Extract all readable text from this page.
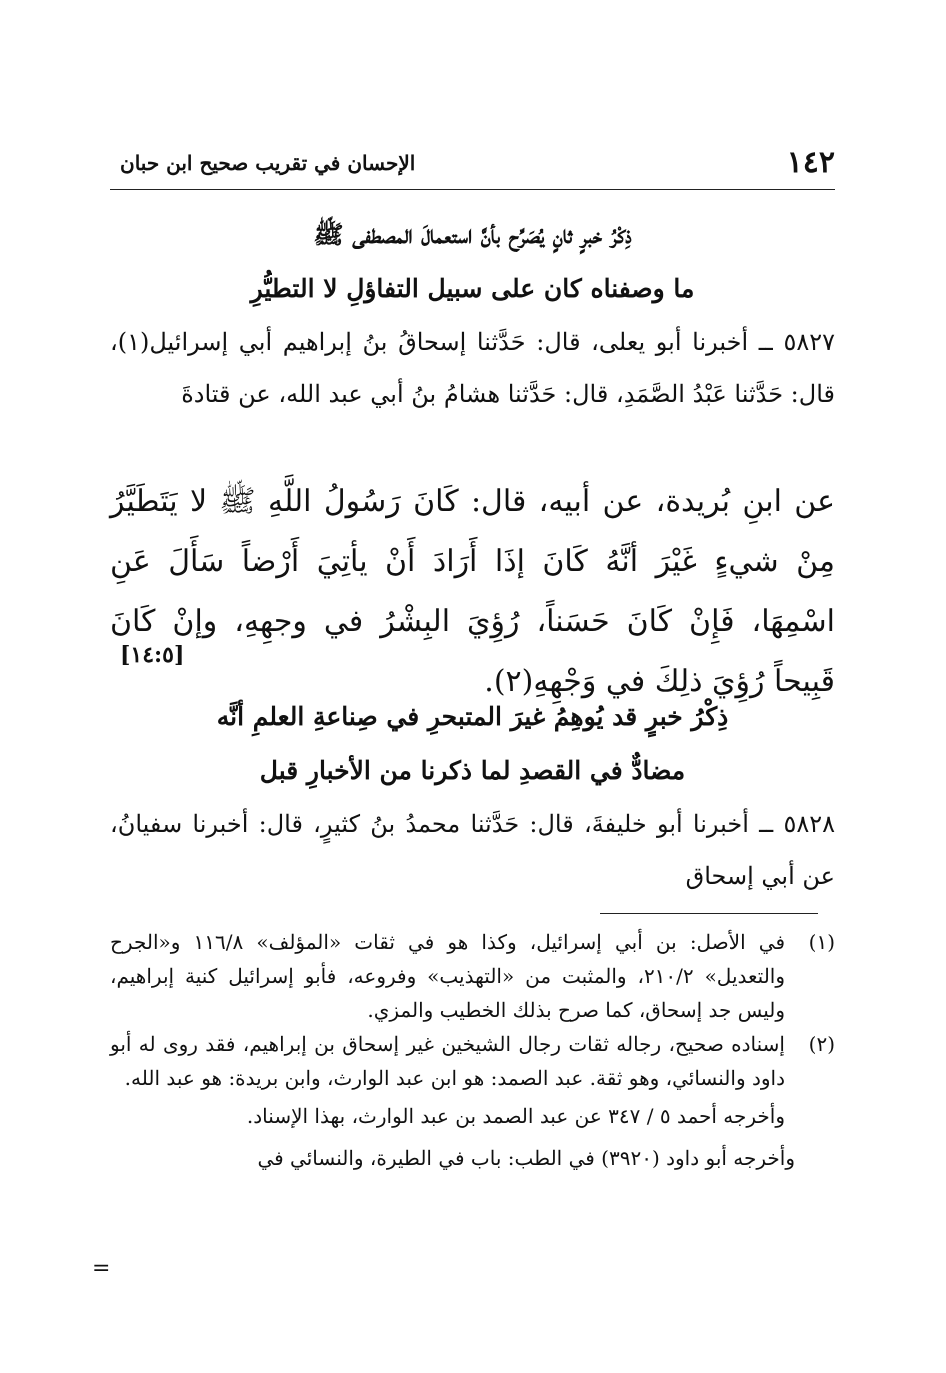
١٤٢
الإحسان في تقريب صحيح ابن حبان
ذِكْرُ خبرٍ ثانٍ يُصَرِّح بأنَّ استعمالَ المصطفى ﷺ
ما وصفناه كان على سبيل التفاؤلِ لا التطيُّرِ
٥٨٢٧ ــ أخبرنا أبو يعلى، قال: حَدَّثنا إسحاقُ بنُ إبراهيم أبي إسرائيل(١)، قال: حَدَّثنا عَبْدُ الصَّمَدِ، قال: حَدَّثنا هشامُ بنُ أبي عبد الله، عن قتادةَ
عن ابنِ بُريدة، عن أبيه، قال: كَانَ رَسُولُ اللَّهِ ﷺ لا يَتَطَيَّرُ مِنْ شيءٍ غَيْرَ أنَّهُ كَانَ إذَا أَرَادَ أَنْ يأتِيَ أَرْضاً سَأَلَ عَنِ اسْمِهَا، فَإِنْ كَانَ حَسَناً، رُؤِيَ البِشْرُ في وجهِهِ، وإنْ كَانَ قَبِيحاً رُؤِيَ ذلِكَ في وَجْهِهِ(٢).
[١٤:٥]
ذِكْرُ خبرٍ قد يُوهِمُ غيرَ المتبحرِ في صِناعةِ العلمِ أنَّه
مضادٌّ في القصدِ لما ذكرنا من الأخبارِ قبل
٥٨٢٨ ــ أخبرنا أبو خليفةَ، قال: حَدَّثنا محمدُ بنُ كثيرٍ، قال: أخبرنا سفيانُ، عن أبي إسحاق
(١)
في الأصل: بن أبي إسرائيل، وكذا هو في ثقات «المؤلف» ١١٦/٨ و«الجرح والتعديل» ٢١٠/٢، والمثبت من «التهذيب» وفروعه، فأبو إسرائيل كنية إبراهيم، وليس جد إسحاق، كما صرح بذلك الخطيب والمزي.
(٢)
إسناده صحيح، رجاله ثقات رجال الشيخين غير إسحاق بن إبراهيم، فقد روى له أبو داود والنسائي، وهو ثقة. عبد الصمد: هو ابن عبد الوارث، وابن بريدة: هو عبد الله.
وأخرجه أحمد ٥ / ٣٤٧ عن عبد الصمد بن عبد الوارث، بهذا الإسناد.
وأخرجه أبو داود (٣٩٢٠) في الطب: باب في الطيرة، والنسائي في
=
